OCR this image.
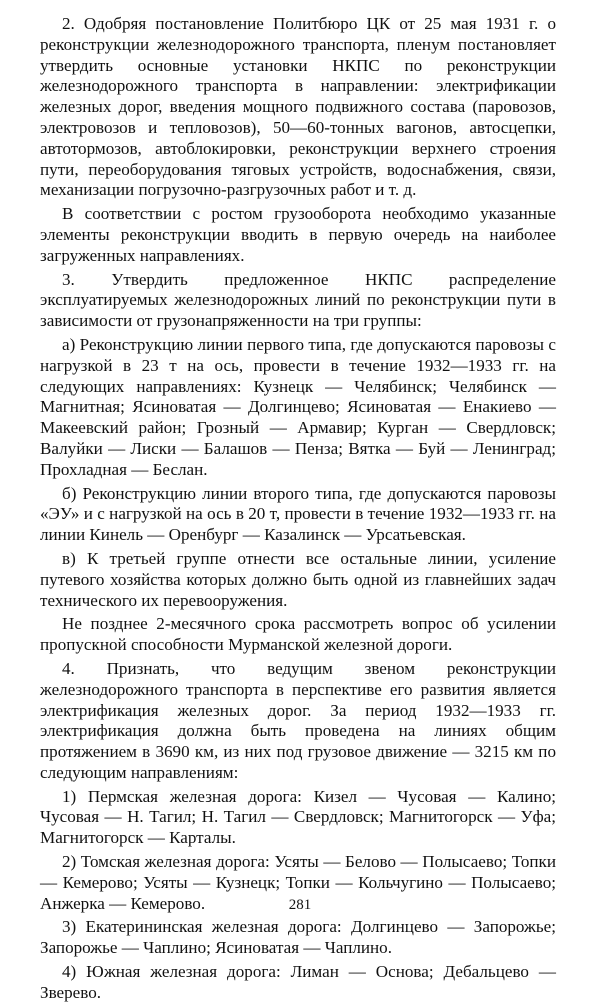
2. Одобряя постановление Политбюро ЦК от 25 мая 1931 г. о реконструкции железнодорожного транспорта, пленум постановляет утвердить основные установки НКПС по реконструкции железнодорожного транспорта в направлении: электрификации железных дорог, введения мощного подвижного состава (паровозов, электровозов и тепловозов), 50—60-тонных вагонов, автосцепки, автотормозов, автоблокировки, реконструкции верхнего строения пути, переоборудования тяговых устройств, водоснабжения, связи, механизации погрузочно-разгрузочных работ и т. д.

В соответствии с ростом грузооборота необходимо указанные элементы реконструкции вводить в первую очередь на наиболее загруженных направлениях.

3. Утвердить предложенное НКПС распределение эксплуатируемых железнодорожных линий по реконструкции пути в зависимости от грузонапряженности на три группы:

а) Реконструкцию линии первого типа, где допускаются паровозы с нагрузкой в 23 т на ось, провести в течение 1932—1933 гг. на следующих направлениях: Кузнецк — Челябинск; Челябинск — Магнитная; Ясиноватая — Долгинцево; Ясиноватая — Енакиево — Макеевский район; Грозный — Армавир; Курган — Свердловск; Валуйки — Лиски — Балашов — Пенза; Вятка — Буй — Ленинград; Прохладная — Беслан.

б) Реконструкцию линии второго типа, где допускаются паровозы «ЭУ» и с нагрузкой на ось в 20 т, провести в течение 1932—1933 гг. на линии Кинель — Оренбург — Казалинск — Урсатьевская.

в) К третьей группе отнести все остальные линии, усиление путевого хозяйства которых должно быть одной из главнейших задач технического их перевооружения.

Не позднее 2-месячного срока рассмотреть вопрос об усилении пропускной способности Мурманской железной дороги.

4. Признать, что ведущим звеном реконструкции железнодорожного транспорта в перспективе его развития является электрификация железных дорог. За период 1932—1933 гг. электрификация должна быть проведена на линиях общим протяжением в 3690 км, из них под грузовое движение — 3215 км по следующим направлениям:

1) Пермская железная дорога: Кизел — Чусовая — Калино; Чусовая — Н. Тагил; Н. Тагил — Свердловск; Магнитогорск — Уфа; Магнитогорск — Карталы.

2) Томская железная дорога: Усяты — Белово — Полысаево; Топки — Кемерово; Усяты — Кузнецк; Топки — Кольчугино — Полысаево; Анжерка — Кемерово.

3) Екатерининская железная дорога: Долгинцево — Запорожье; Запорожье — Чаплино; Ясиноватая — Чаплино.

4) Южная железная дорога: Лиман — Основа; Дебальцево — Зверево.

281
